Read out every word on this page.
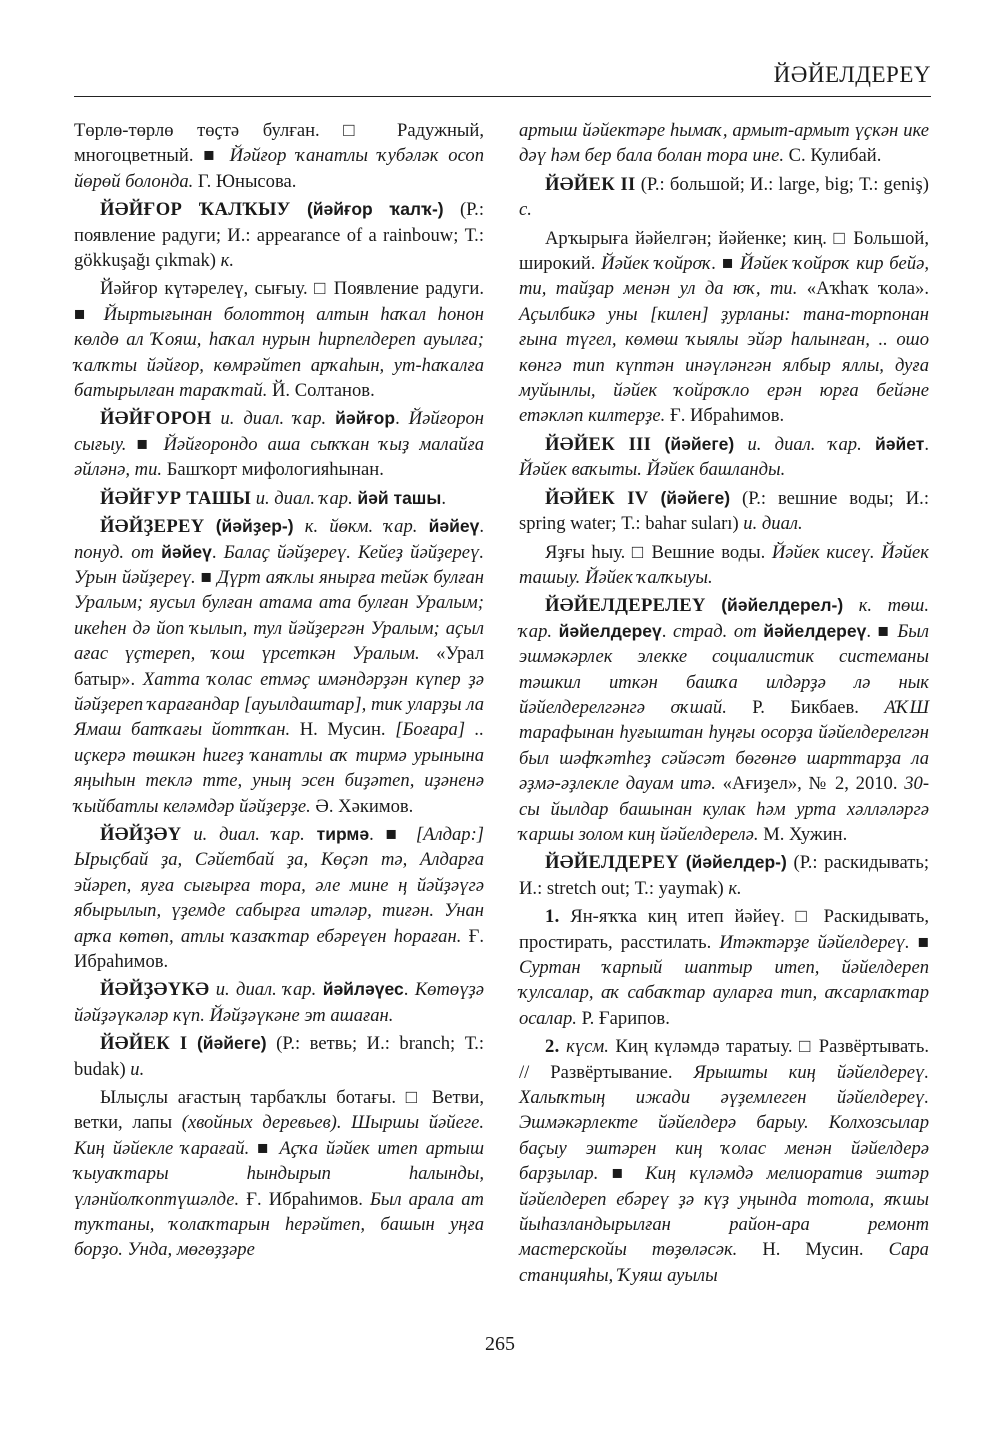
ЙӘЙЕЛДЕРЕҮ

Төрлө-төрлө төҫтә булған. □ Радужный, многоцветный. ■ Йәйғор ҡанатлы ҡубәләк осоп йөрөй болонда. Г. Юнысова.

ЙӘЙҒОР ҠАЛҠЫУ (йәйғор ҡалҡ-) (Р.: появление радуги; И.: appearance of a rainbouw; Т.: gökkuşağı çıkmak) к.

Йәйғор күтәрелеү, сығыу. □ Появление радуги. ■ Йыртығынан болоттоң алтын һаҡал һонон көлдө ал Ҡояш, һаҡал нурын һирпелдереп ауылға; ҡалҡты йәйғор, көмрәйтеп арҡаһын, ут-һаҡалға батырылған тараҡтай. Й. Солтанов.

ЙӘЙҒОРОН и. диал. ҡар. йәйғор. Йәйғорон сығыу. ■ Йәйғорондо аша сыҡҡан ҡыҙ малайға әйләнә, ти. Башҡорт мифологияһынан.

ЙӘЙҒУР ТАШЫ и. диал. ҡар. йәй ташы.

ЙӘЙҘЕРЕҮ (йәйҙер-) к. йөкм. ҡар. йәйеү. понуд. от йәйеү. Балаҫ йәйҙереү. Кейеҙ йәйҙереү. Урын йәйҙереү. ■ Дүрт аяҡлы янырға тейәк булған Уралым; яусыл булған атама ата булған Уралым; икеһен дә йоп ҡылып, тул йәйҙергән Уралым; аҫыл ағас үҫтереп, ҡош үрсеткән Уралым. «Урал батыр». Хатта ҡолас етмәҫ имәндәрҙән күпер ҙә йәйҙереп ҡарағандар [ауылдаштар], тик уларҙы ла Ямаш батҡағы йоттҡан. Н. Мусин. [Боғара] .. иҫкерә төшкән һигеҙ ҡанатлы аҡ тирмә урынына яңыһын теклә тте, уның эсен биҙәтеп, иҙәненә ҡыйбатлы келәмдәр йәйҙерҙе. Ә. Хәкимов.

ЙӘЙҘӘҮ и. диал. ҡар. тирмә. ■ [Алдар:] Ырыҫбай ҙа, Сәйетбай ҙа, Көҫәп тә, Алдарға эйәреп, яуға сығырға тора, әле мине ң йәйҙәүгә ябырылып, үҙемде сабырға итәләр, тиғән. Унан арҡа көтөп, атлы ҡазаҡтар ебәреүен һораған. Ғ. Ибраһимов.

ЙӘЙҘӘҮКӘ и. диал. ҡар. йәйләүес. Көтөүҙә йәйҙәүкәләр күп. Йәйҙәүкәне эт ашаған.

ЙӘЙЕК I (йәйеге) (Р.: ветвь; И.: branch; Т.: budak) и.

Ылыҫлы ағастың тарбаҡлы ботағы. □ Ветви, ветки, лапы (хвойных деревьев). Шыршы йәйеге. Киң йәйеклe ҡарағай. ■ Аҫҡа йәйек итеп артыш ҡыуаҡтары һындырып һалынды, үләнйолҡоптүшәлде. Ғ. Ибраһимов. Был арала ат туҡтаны, ҡолаҡтарын һерәйтеп, башын уңға борҙо. Унда, мөгөҙҙәре

артыш йәйектәре һымаҡ, армыт-армыт үҫкән ике дәү һәм бер бала болан тора ине. С. Кулибай.

ЙӘЙЕК II (Р.: большой; И.: large, big; Т.: geniş) с.

Арҡырыға йәйелгән; йәйенке; киң. □ Большой, широкий. Йәйек ҡойроҡ. ■ Йәйек ҡойроҡ кир бейә, ти, тайҙар менән ул да юҡ, ти. «Аҡһаҡ ҡола». Аҫылбикә уны [килен] ҙурланы: тана-торпонан ғына түгел, көмөш ҡыялы эйәр һалынған, .. ошо көнгә тип күптән инәүләнгән ялбыр яллы, дуға муйынлы, йәйек ҡойроҡло ерән юрға бейәне етәкләп килтерҙе. Ғ. Ибраһимов.

ЙӘЙЕК III (йәйеге) и. диал. ҡар. йәйет. Йәйек ваҡыты. Йәйек башланды.

ЙӘЙЕК IV (йәйеге) (Р.: вешние воды; И.: spring water; Т.: bahar suları) и. диал.

Яҙғы һыу. □ Вешние воды. Йәйек кисеү. Йәйек ташыу. Йәйек ҡалҡыуы.

ЙӘЙЕЛДЕРЕЛЕҮ (йәйелдерел-) к. төш. ҡар. йәйелдереү. страд. от йәйелдереү. ■ Был эшмәкәрлек элекке социалистик системаны тәшкил иткән башҡа илдәрҙә лә нык йәйелдерелгәнгә оҡшай. Р. Бикбаев. АҠШ тарафынан һуғыштан һуңғы осорҙа йәйелдерелгән был шәфҡәтһеҙ сәйәсәт бөгөнгө шарттарҙа ла әҙмә-әҙлекле дауам итә. «Ағиҙел», № 2, 2010. 30-сы йылдар башынан кулак һәм урта хәлләләргә ҡаршы золом киң йәйелдерелә. М. Хужин.

ЙӘЙЕЛДЕРЕҮ (йәйелдер-) (Р.: раскидывать; И.: stretch out; Т.: yaymak) к.

1. Ян-яҡҡа киң итеп йәйеү. □ Раскидывать, простирать, расстилать. Итәктәрҙе йәйелдереү. ■ Суртан ҡарпый шаптыр итеп, йәйелдереп ҡулсалар, аҡ сабаҡтар ауларға тип, аҡсарлаҡтар осалар. Р. Ғарипов.

2. күсм. Киң күләмдә таратыу. □ Развёртывать. // Развёртывание. Ярышты киң йәйелдереү. Халыҡтың ижади әүҙемлеген йәйелдереү. Эшмәкәрлекте йәйелдерә барыу. Колхозсылар баҫыу эштәрен киң ҡолас менән йәйелдерә барҙылар. ■ Киң күләмдә мелиоратив эштәр йәйелдереп ебәреү ҙә күҙ уңында тотола, яҡшы йыһазландырылған район-ара ремонт мастерскойы төҙөләсәк. Н. Мусин. Сара станцияһы, Ҡуяш ауылы

265
